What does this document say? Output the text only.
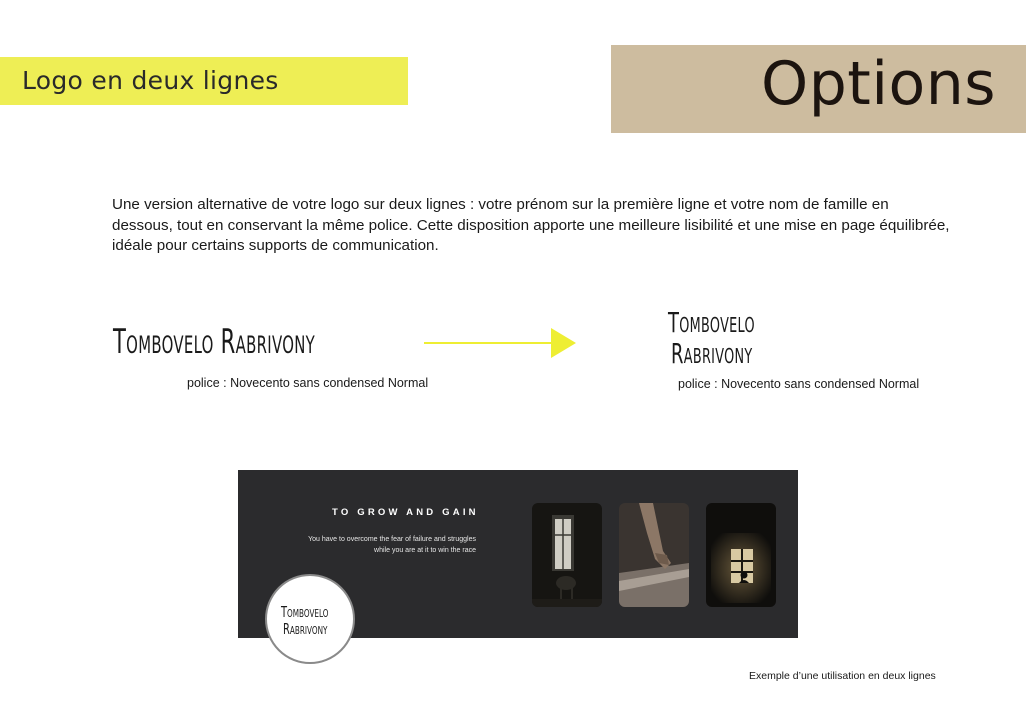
Logo en deux lignes	Options
Une version alternative de votre logo sur deux lignes : votre prénom sur la première ligne et votre nom de famille en dessous, tout en conservant la même police. Cette disposition apporte une meilleure lisibilité et une mise en page équilibrée, idéale pour certains supports de communication.
Tombovelo Rabrivony
police : Novecento sans condensed Normal
Tombovelo
Rabrivony
police : Novecento sans condensed Normal
TO GROW AND GAIN
You have to overcome the fear of failure and struggles while you are at it to win the race
Tombovelo
Rabrivony
Exemple d’une utilisation en deux lignes
